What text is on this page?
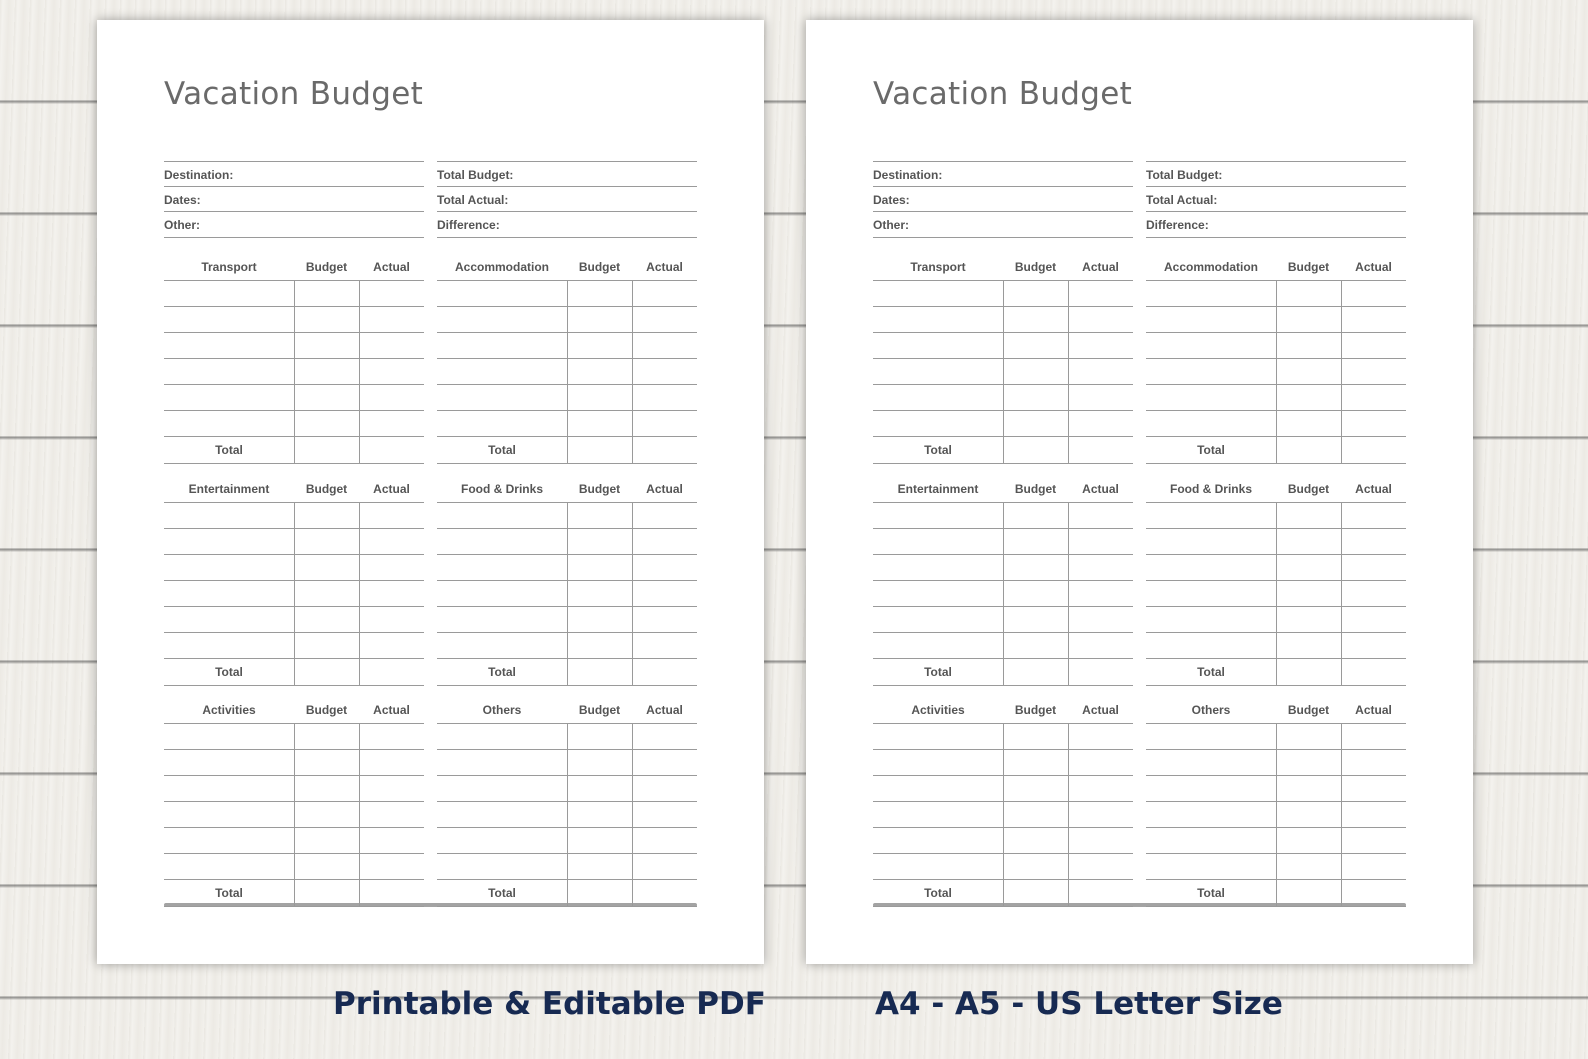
Vacation Budget
Destination:
Dates:
Other:
Total Budget:
Total Actual:
Difference:
Transport	Budget	Actual
Total
Accommodation	Budget	Actual
Total
Entertainment	Budget	Actual
Total
Food & Drinks	Budget	Actual
Total
Activities	Budget	Actual
Total
Others	Budget	Actual
Total
Vacation Budget
Destination:
Dates:
Other:
Total Budget:
Total Actual:
Difference:
Transport	Budget	Actual
Total
Accommodation	Budget	Actual
Total
Entertainment	Budget	Actual
Total
Food & Drinks	Budget	Actual
Total
Activities	Budget	Actual
Total
Others	Budget	Actual
Total
Printable & Editable PDF	A4 - A5 - US Letter Size
